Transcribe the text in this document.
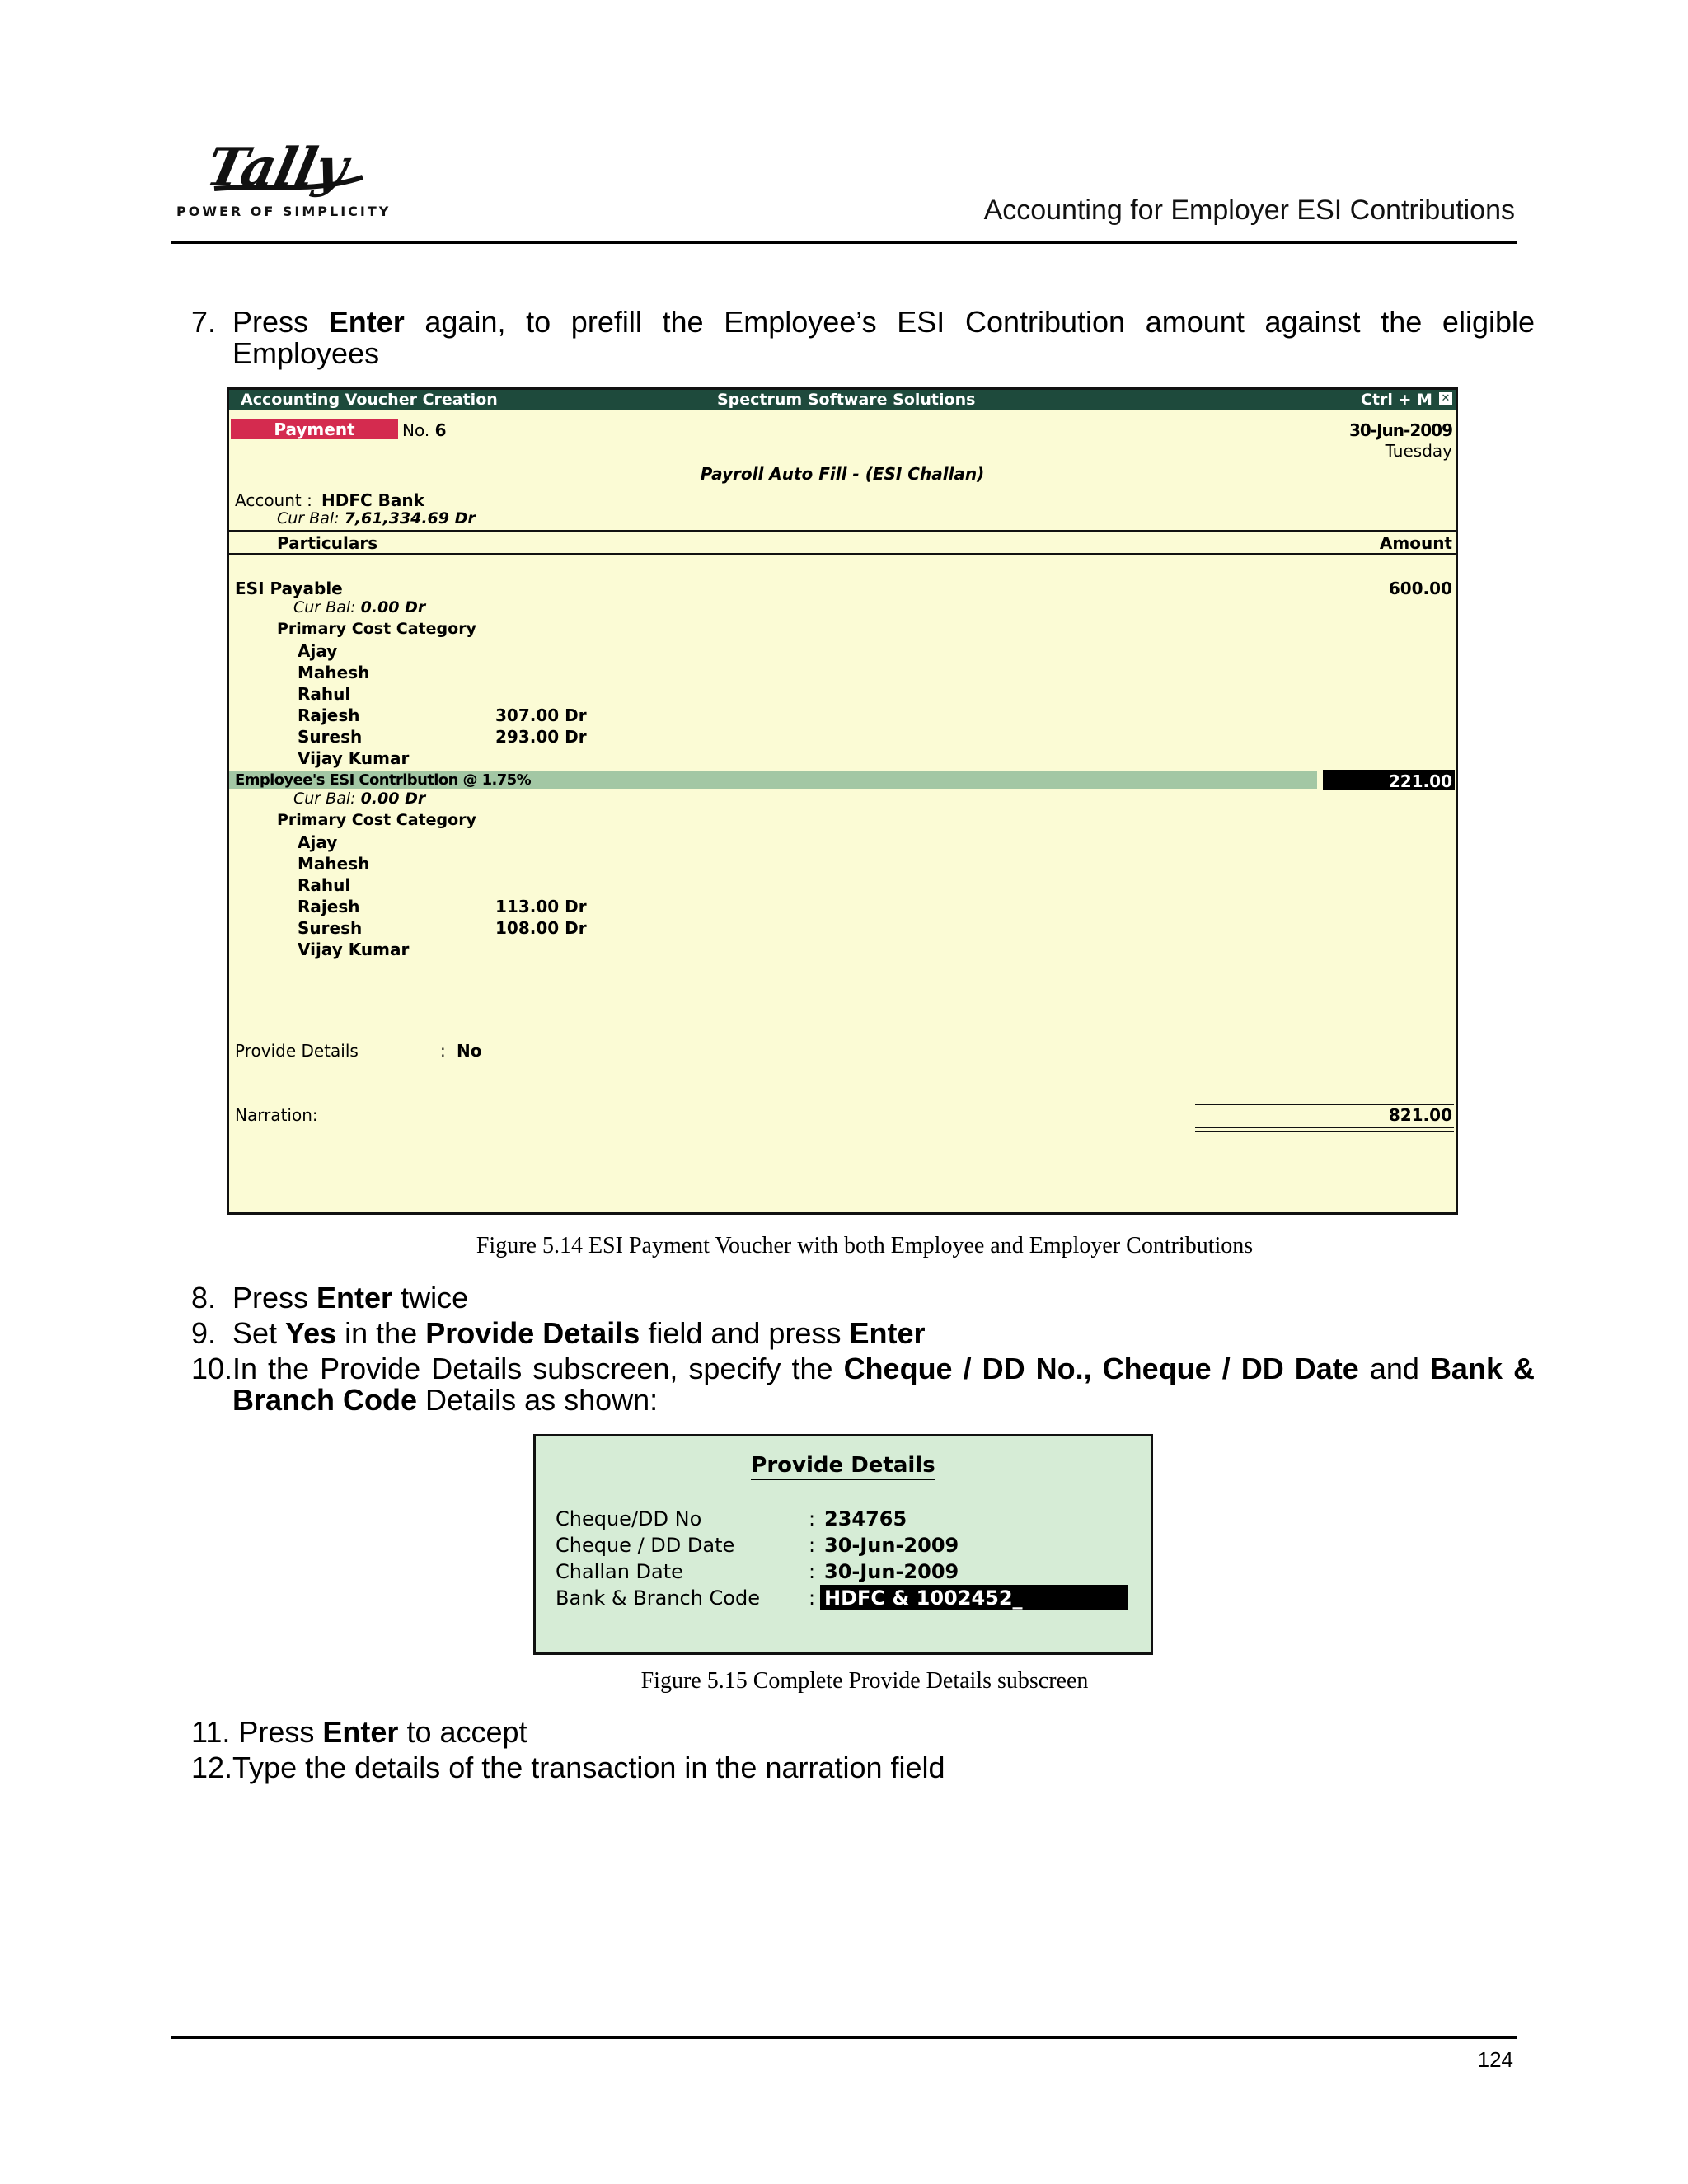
Tally
POWER OF SIMPLICITY	Accounting for Employer ESI Contributions
7. Press Enter again, to prefill the Employee’s ESI Contribution amount against the eligible Employees
Accounting Voucher Creation	Spectrum Software Solutions	Ctrl + M ✕
Payment	No. 6	30-Jun-2009
Tuesday
Payroll Auto Fill - (ESI Challan)
Account : HDFC Bank
Cur Bal: 7,61,334.69 Dr
Particulars	Amount
ESI Payable	600.00
Cur Bal: 0.00 Dr
Primary Cost Category
Ajay
Mahesh
Rahul
Rajesh	307.00 Dr
Suresh	293.00 Dr
Vijay Kumar
Employee's ESI Contribution @ 1.75%	221.00
Cur Bal: 0.00 Dr
Primary Cost Category
Ajay
Mahesh
Rahul
Rajesh	113.00 Dr
Suresh	108.00 Dr
Vijay Kumar
Provide Details	: No
Narration:	821.00
Figure 5.14 ESI Payment Voucher with both Employee and Employer Contributions
8. Press Enter twice
9. Set Yes in the Provide Details field and press Enter
10.In the Provide Details subscreen, specify the Cheque / DD No., Cheque / DD Date and Bank & Branch Code Details as shown:
Provide Details
Cheque/DD No	: 234765
Cheque / DD Date	: 30-Jun-2009
Challan Date	: 30-Jun-2009
Bank & Branch Code : HDFC & 1002452_
Figure 5.15 Complete Provide Details subscreen
11. Press Enter to accept
12.Type the details of the transaction in the narration field
124
